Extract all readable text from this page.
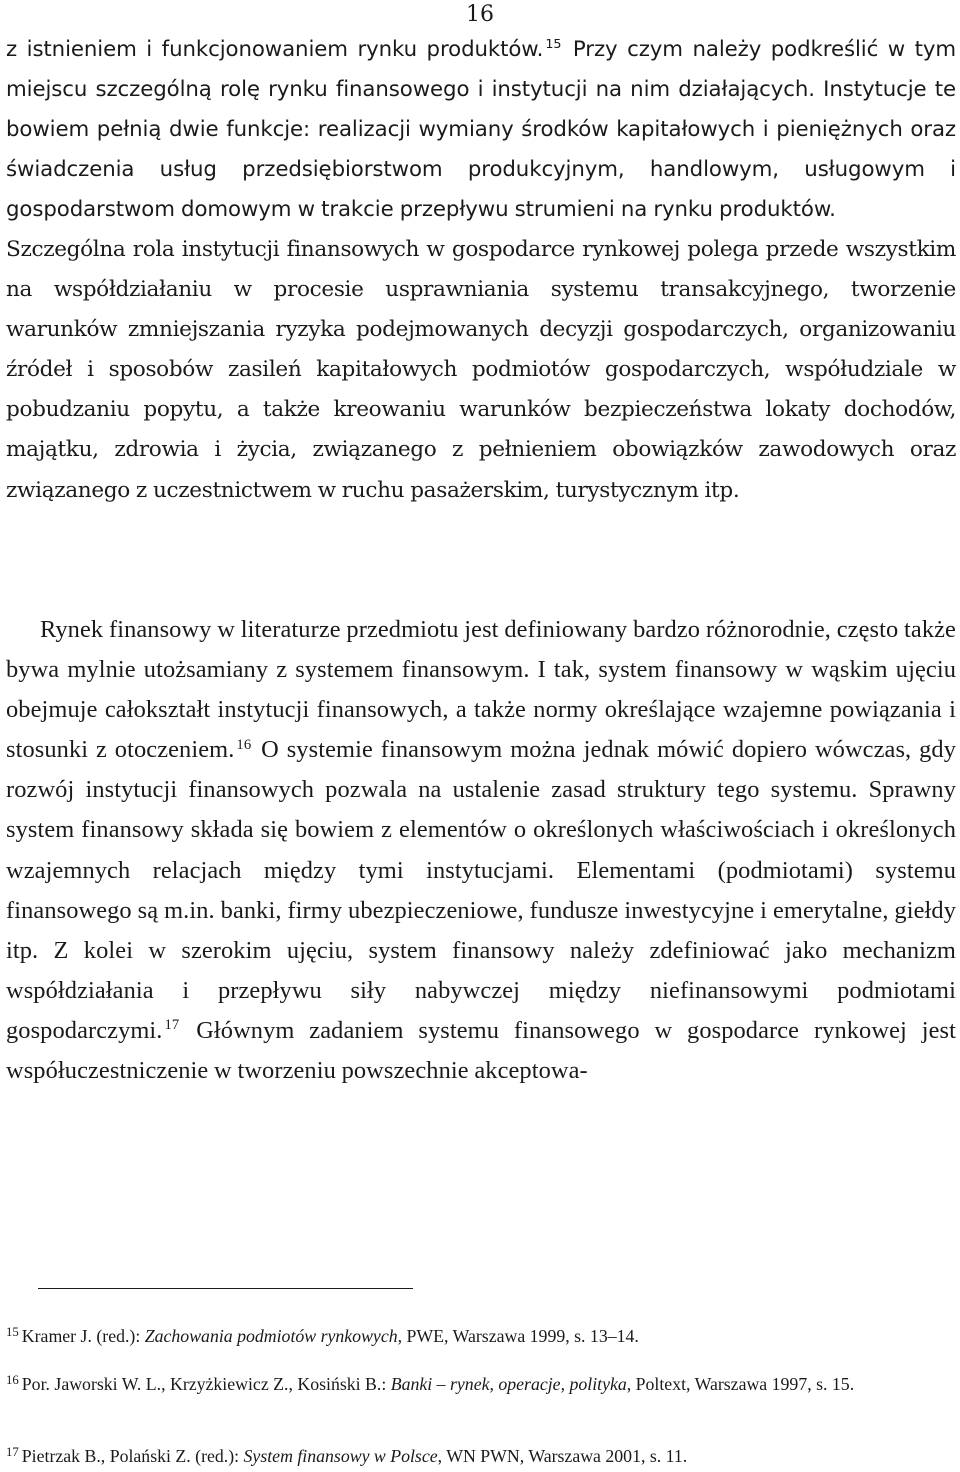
16
z istnieniem i funkcjonowaniem rynku produktów. $^{15}$ Przy czym należy podkreślić w tym miejscu szczególną rolę rynku finansowego i instytucji na nim działających. Instytucje te bowiem pełnią dwie funkcje: realizacji wymiany środków kapitałowych i pieniężnych oraz świadczenia usług przedsiębiorstwom produkcyjnym, handlowym, usługowym i gospodarstwom domowym w trakcie przepływu strumieni na rynku produktów.
Szczególna rola instytucji finansowych w gospodarce rynkowej polega przede wszystkim na współdziałaniu w procesie usprawniania systemu transakcyjnego, tworzenie warunków zmniejszania ryzyka podejmowanych decyzji gospodarczych, organizowaniu źródeł i sposobów zasileń kapitałowych podmiotów gospodarczych, współudziale w pobudzaniu popytu, a także kreowaniu warunków bezpieczeństwa lokaty dochodów, majątku, zdrowia i życia, związanego z pełnieniem obowiązków zawodowych oraz związanego z uczestnictwem w ruchu pasażerskim, turystycznym itp.
Rynek finansowy w literaturze przedmiotu jest definiowany bardzo różnorodnie, często także bywa mylnie utożsamiany z systemem finansowym. I tak, system finansowy w wąskim ujęciu obejmuje całokształt instytucji finansowych, a także normy określające wzajemne powiązania i stosunki z otoczeniem. $^{16}$ O systemie finansowym można jednak mówić dopiero wówczas, gdy rozwój instytucji finansowych pozwala na ustalenie zasad struktury tego systemu. Sprawny system finansowy składa się bowiem z elementów o określonych właściwościach i określonych wzajemnych relacjach między tymi instytucjami. Elementami (podmiotami) systemu finansowego są m.in. banki, firmy ubezpieczeniowe, fundusze inwestycyjne i emerytalne, giełdy itp. Z kolei w szerokim ujęciu, system finansowy należy zdefiniować jako mechanizm współdziałania i przepływu siły nabywczej między niefinansowymi podmiotami gospodarczymi. $^{17}$ Głównym zadaniem systemu finansowego w gospodarce rynkowej jest współuczestniczenie w tworzeniu powszechnie akceptowa-
$^{15}$ Kramer J. (red.): Zachowania podmiotów rynkowych, PWE, Warszawa 1999, s. 13–14.
$^{16}$ Por. Jaworski W. L., Krzyżkiewicz Z., Kosiński B.: Banki – rynek, operacje, polityka, Poltext, Warszawa 1997, s. 15.
$^{17}$ Pietrzak B., Polański Z. (red.): System finansowy w Polsce, WN PWN, Warszawa 2001, s. 11.
